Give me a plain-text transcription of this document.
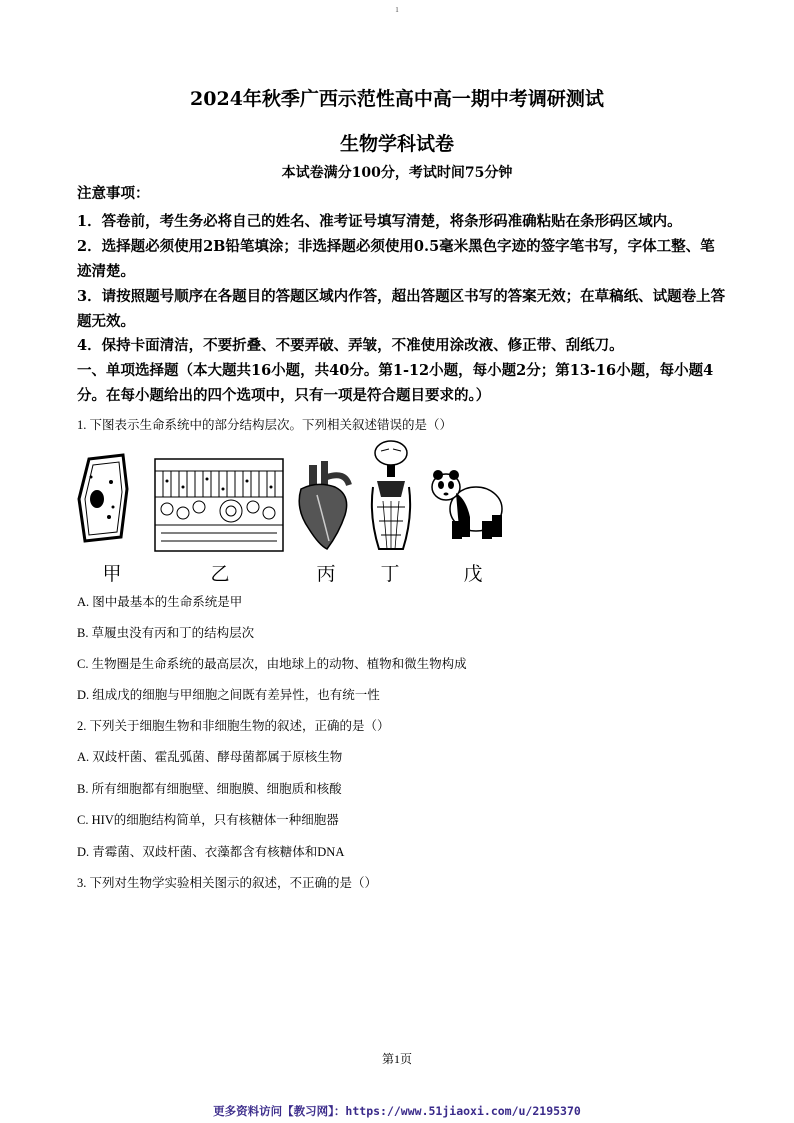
1
2024年秋季广西示范性高中高一期中考调研测试
生物学科试卷
本试卷满分100分，考试时间75分钟

注意事项：

1．答卷前，考生务必将自己的姓名、准考证号填写清楚，将条形码准确粘贴在条形码区域内。

2．选择题必须使用2B铅笔填涂；非选择题必须使用0.5毫米黑色字迹的签字笔书写，字体工整、笔迹清楚。

3．请按照题号顺序在各题目的答题区域内作答，超出答题区书写的答案无效；在草稿纸、试题卷上答题无效。

4．保持卡面清洁，不要折叠、不要弄破、弄皱，不准使用涂改液、修正带、刮纸刀。

一、单项选择题（本大题共16小题，共40分。第1-12小题，每小题2分；第13-16小题，每小题4分。在每小题给出的四个选项中，只有一项是符合题目要求的。）

1. 下图表示生命系统中的部分结构层次。下列相关叙述错误的是（）

甲	乙	丙 丁	戊

A. 图中最基本的生命系统是甲

B. 草履虫没有丙和丁的结构层次

C. 生物圈是生命系统的最高层次，由地球上的动物、植物和微生物构成

D. 组成戊的细胞与甲细胞之间既有差异性，也有统一性

2. 下列关于细胞生物和非细胞生物的叙述，正确的是（）

A. 双歧杆菌、霍乱弧菌、酵母菌都属于原核生物

B. 所有细胞都有细胞壁、细胞膜、细胞质和核酸

C. HIV的细胞结构简单，只有核糖体一种细胞器

D. 青霉菌、双歧杆菌、衣藻都含有核糖体和DNA

3. 下列对生物学实验相关图示的叙述，不正确的是（）

第1页
更多资料访问【教习网】：https://www.51jiaoxi.com/u/2195370
